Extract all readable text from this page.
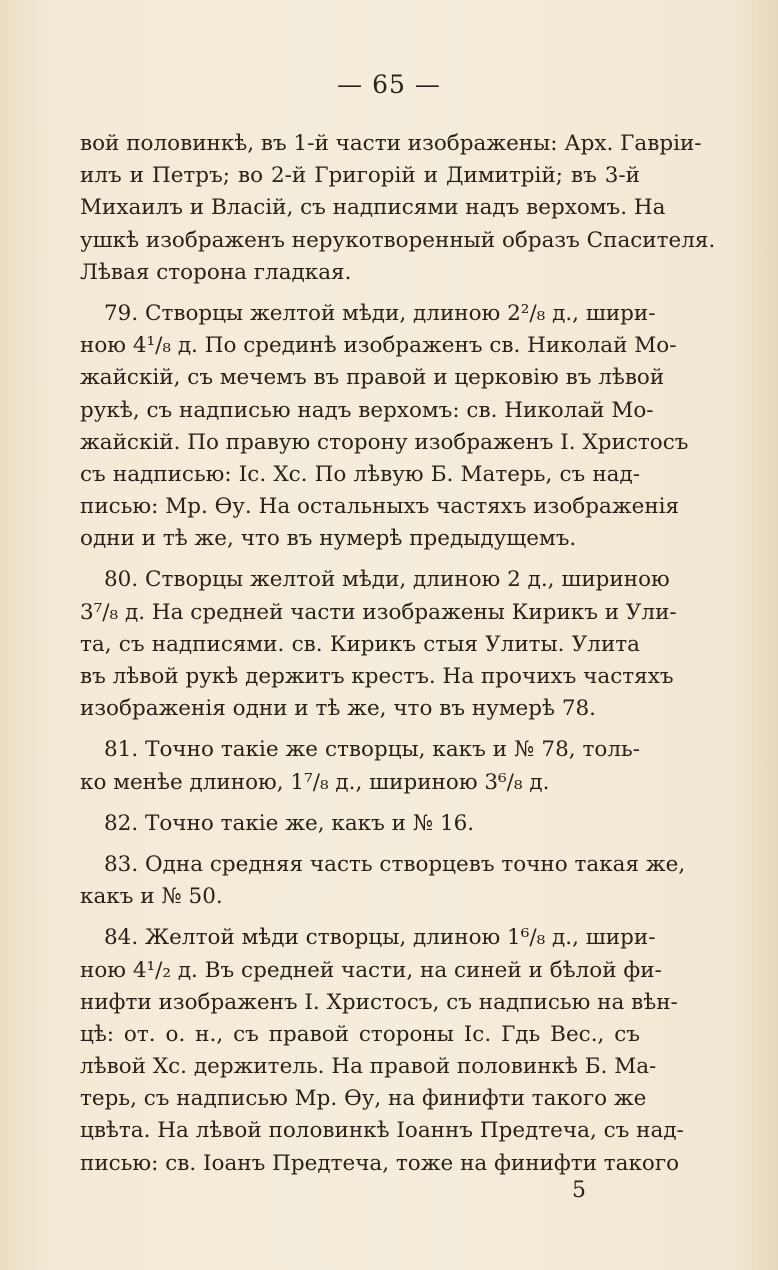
— 65 —
вой половинкѣ, въ 1-й части изображены: Арх. Гавріи-
илъ и Петръ; во 2-й Григорій и Димитрій; въ 3-й
Михаилъ и Власій, съ надписями надъ верхомъ. На
ушкѣ изображенъ нерукотворенный образъ Спасителя.
Лѣвая сторона гладкая.
79. Створцы желтой мѣди, длиною 2²/₈ д., шири-
ною 4¹/₈ д. По срединѣ изображенъ св. Николай Мо-
жайскій, съ мечемъ въ правой и церковію въ лѣвой
рукѣ, съ надписью надъ верхомъ: св. Николай Мо-
жайскій. По правую сторону изображенъ І. Христосъ
съ надписью: Іс. Хс. По лѣвую Б. Матерь, съ над-
писью: Мр. Өу. На остальныхъ частяхъ изображенія
одни и тѣ же, что въ нумерѣ предыдущемъ.
80. Створцы желтой мѣди, длиною 2 д., шириною
3⁷/₈ д. На средней части изображены Кирикъ и Ули-
та, съ надписями. св. Кирикъ стыя Улиты. Улита
въ лѣвой рукѣ держитъ крестъ. На прочихъ частяхъ
изображенія одни и тѣ же, что въ нумерѣ 78.
81. Точно такіе же створцы, какъ и № 78, толь-
ко менѣе длиною, 1⁷/₈ д., шириною 3⁶/₈ д.
82. Точно такіе же, какъ и № 16.
83. Одна средняя часть створцевъ точно такая же,
какъ и № 50.
84. Желтой мѣди створцы, длиною 1⁶/₈ д., шири-
ною 4¹/₂ д. Въ средней части, на синей и бѣлой фи-
нифти изображенъ І. Христосъ, съ надписью на вѣн-
цѣ: от. о. н., съ правой стороны Іс. Гдь Вес., съ
лѣвой Хс. держитель. На правой половинкѣ Б. Ма-
терь, съ надписью Мр. Өу, на финифти такого же
цвѣта. На лѣвой половинкѣ Іоаннъ Предтеча, съ над-
писью: св. Іоанъ Предтеча, тоже на финифти такого
5
